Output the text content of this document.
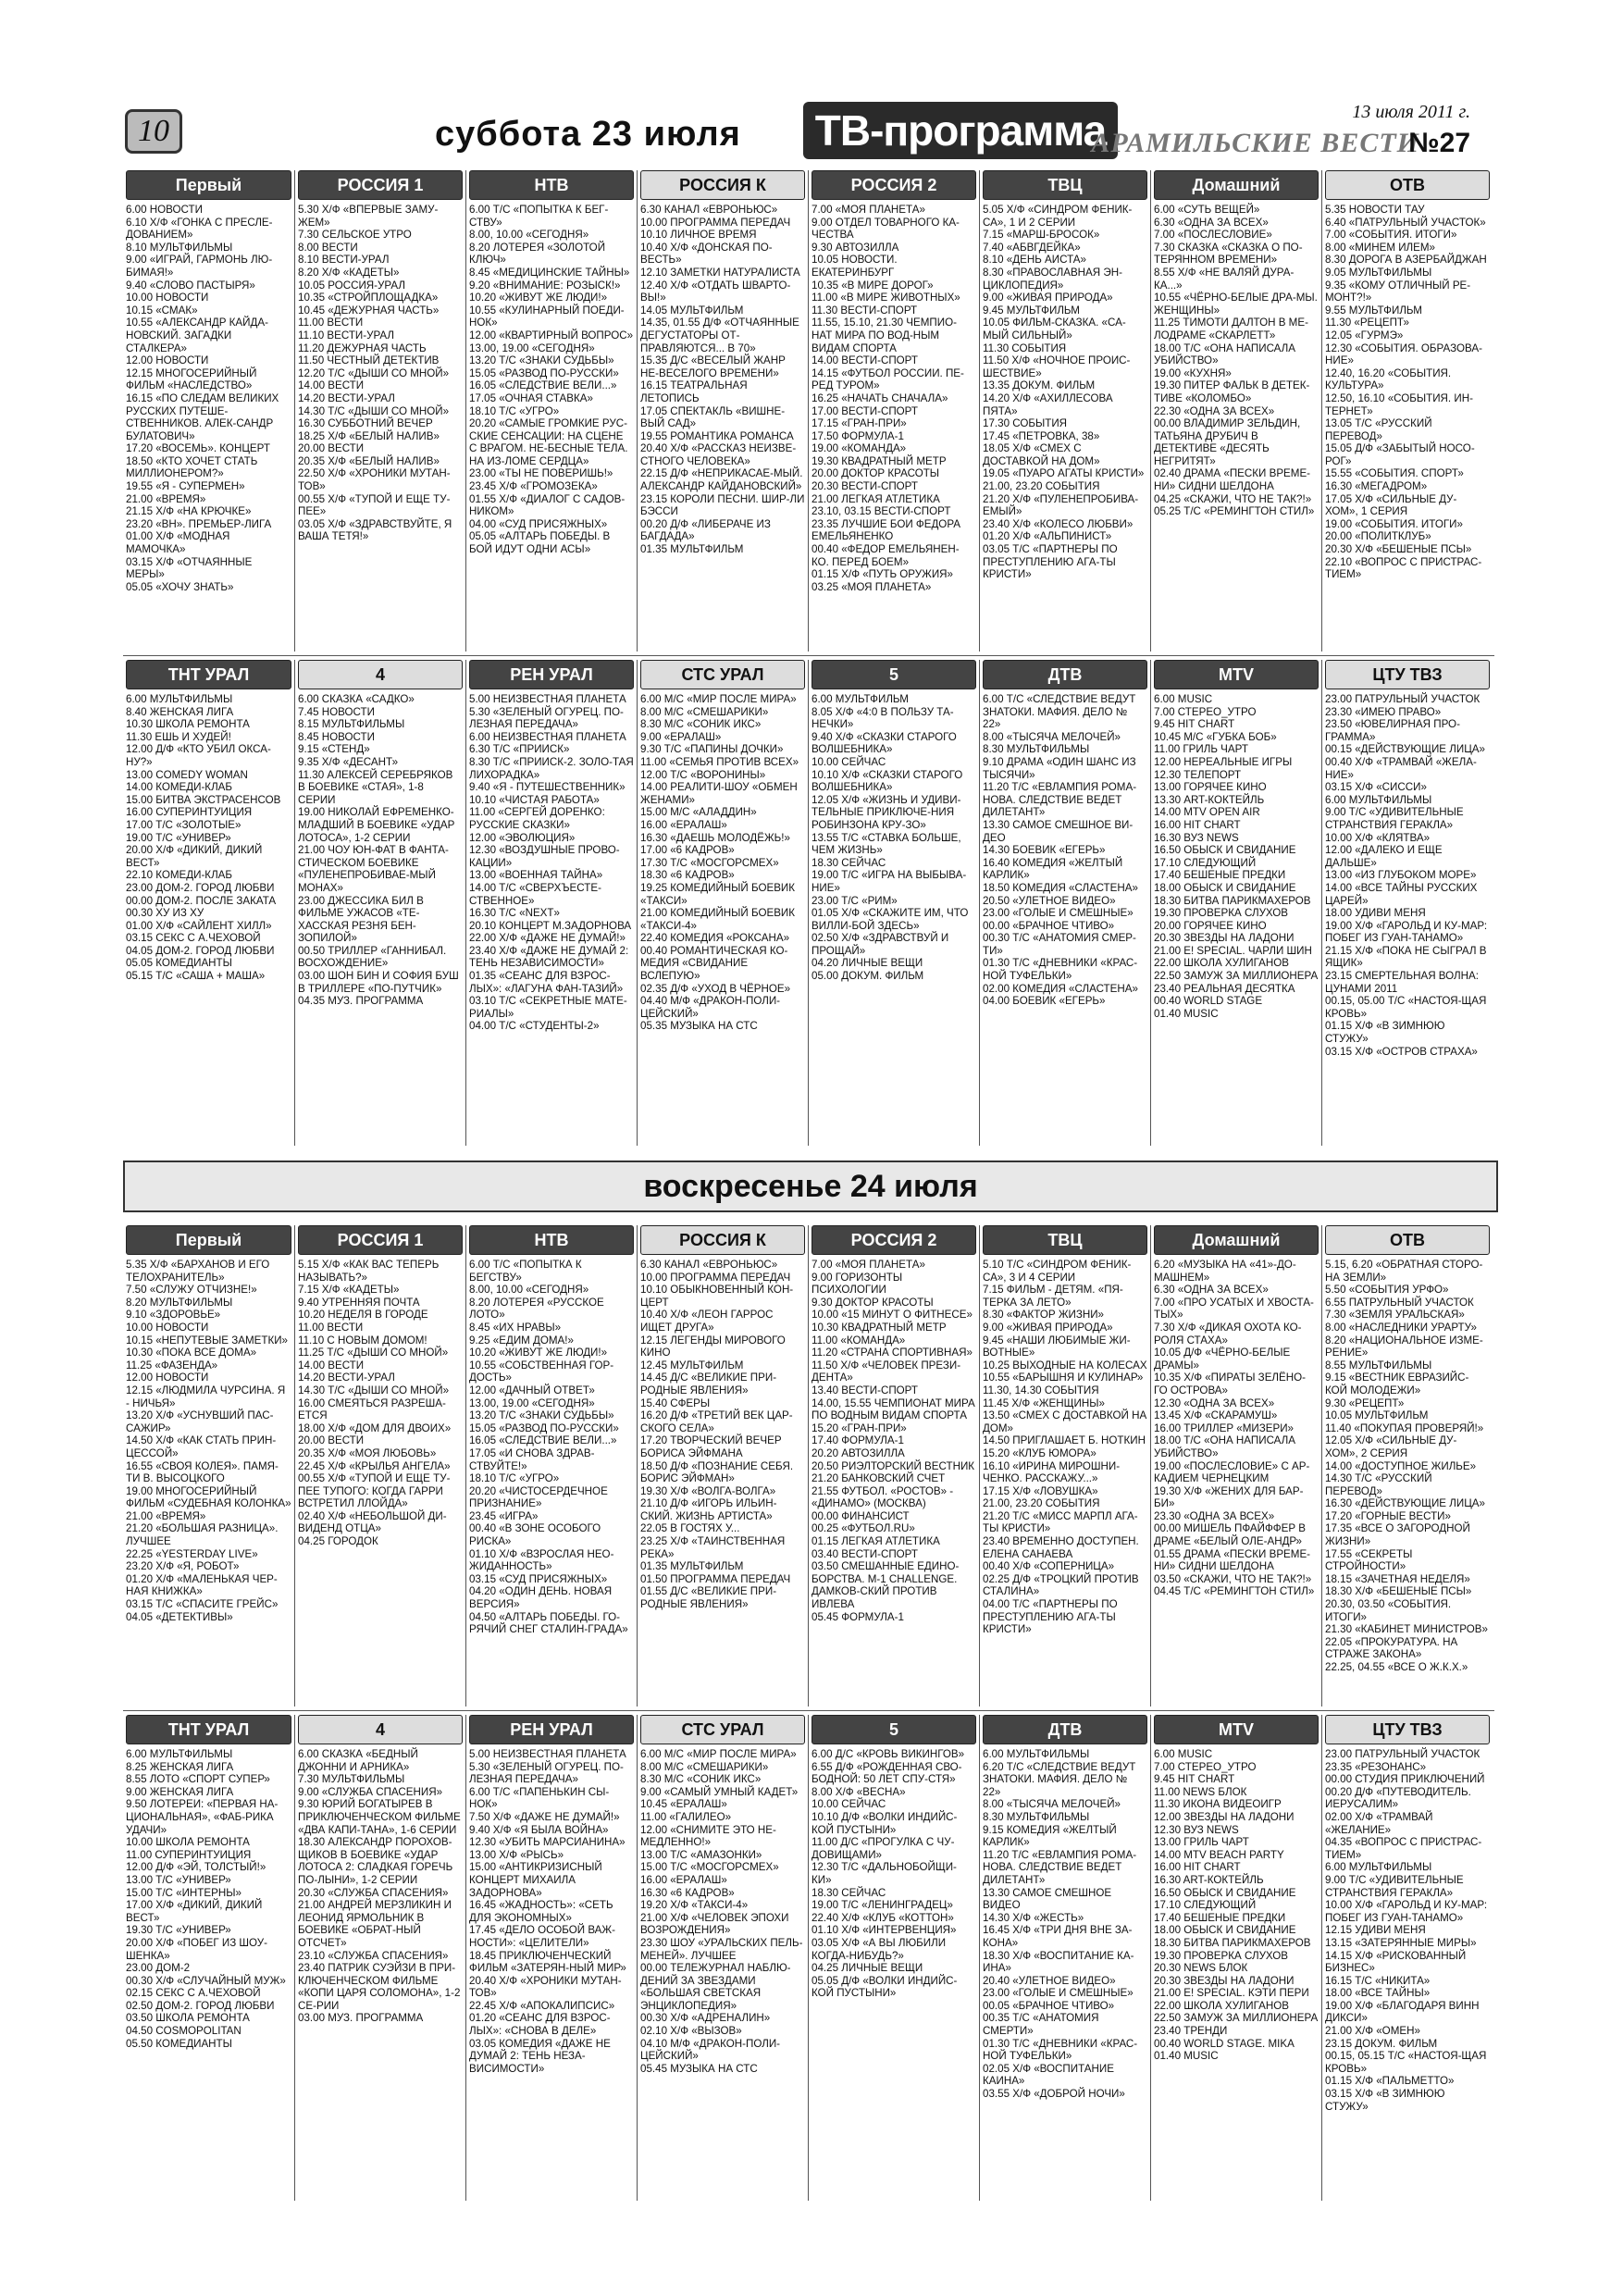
10	суббота 23 июля ТВ-программа	13 июля 2011 г.
АРАМИЛЬСКИЕ ВЕСТИ
№27
Первый

6.00 НОВОСТИ
6.10 Х/Ф «ГОНКА С ПРЕСЛЕ-ДОВАНИЕМ»
8.10 МУЛЬТФИЛЬМЫ
9.00 «ИГРАЙ, ГАРМОНЬ ЛЮ-БИМАЯ!»
9.40 «СЛОВО ПАСТЫРЯ»
10.00 НОВОСТИ
10.15 «СМАК»
10.55 «АЛЕКСАНДР КАЙДА-НОВСКИЙ. ЗАГАДКИ СТАЛКЕРА»
12.00 НОВОСТИ
12.15 МНОГОСЕРИЙНЫЙ ФИЛЬМ «НАСЛЕДСТВО»
16.15 «ПО СЛЕДАМ ВЕЛИКИХ РУССКИХ ПУТЕШЕ-СТВЕННИКОВ. АЛЕК-САНДР БУЛАТОВИЧ»
17.20 «ВОСЕМЬ». КОНЦЕРТ
18.50 «КТО ХОЧЕТ СТАТЬ МИЛЛИОНЕРОМ?»
19.55 «Я - СУПЕРМЕН»
21.00 «ВРЕМЯ»
21.15 Х/Ф «НА КРЮЧКЕ»
23.20 «ВН». ПРЕМЬЕР-ЛИГА
01.00 Х/Ф «МОДНАЯ МАМОЧКА»
03.15 Х/Ф «ОТЧАЯННЫЕ МЕРЫ»
05.05 «ХОЧУ ЗНАТЬ»

РОССИЯ 1

5.30 Х/Ф «ВПЕРВЫЕ ЗАМУ-ЖЕМ»
7.30 СЕЛЬСКОЕ УТРО
8.00 ВЕСТИ
8.10 ВЕСТИ-УРАЛ
8.20 Х/Ф «КАДЕТЫ»
10.05 РОССИЯ-УРАЛ
10.35 «СТРОЙПЛОЩАДКА»
10.45 «ДЕЖУРНАЯ ЧАСТЬ»
11.00 ВЕСТИ
11.10 ВЕСТИ-УРАЛ
11.20 ДЕЖУРНАЯ ЧАСТЬ
11.50 ЧЕСТНЫЙ ДЕТЕКТИВ
12.20 Т/С «ДЫШИ СО МНОЙ»
14.00 ВЕСТИ
14.20 ВЕСТИ-УРАЛ
14.30 Т/С «ДЫШИ СО МНОЙ»
16.30 СУББОТНИЙ ВЕЧЕР
18.25 Х/Ф «БЕЛЫЙ НАЛИВ»
20.00 ВЕСТИ
20.35 Х/Ф «БЕЛЫЙ НАЛИВ»
22.50 Х/Ф «ХРОНИКИ МУТАН-ТОВ»
00.55 Х/Ф «ТУПОЙ И ЕЩЕ ТУ-ПЕЕ»
03.05 Х/Ф «ЗДРАВСТВУЙТЕ, Я ВАША ТЕТЯ!»

НТВ

6.00 Т/С «ПОПЫТКА К БЕГ-СТВУ»
8.00, 10.00 «СЕГОДНЯ»
8.20 ЛОТЕРЕЯ «ЗОЛОТОЙ КЛЮЧ»
8.45 «МЕДИЦИНСКИЕ ТАЙНЫ»
9.20 «ВНИМАНИЕ: РОЗЫСК!»
10.20 «ЖИВУТ ЖЕ ЛЮДИ!»
10.55 «КУЛИНАРНЫЙ ПОЕДИ-НОК»
12.00 «КВАРТИРНЫЙ ВОПРОС»
13.00, 19.00 «СЕГОДНЯ»
13.20 Т/С «ЗНАКИ СУДЬБЫ»
15.05 «РАЗВОД ПО-РУССКИ»
16.05 «СЛЕДСТВИЕ ВЕЛИ...»
17.05 «ОЧНАЯ СТАВКА»
18.10 Т/С «УГРО»
20.20 «САМЫЕ ГРОМКИЕ РУС-СКИЕ СЕНСАЦИИ: НА СЦЕНЕ С ВРАГОМ. НЕ-БЕСНЫЕ ТЕЛА. НА ИЗ-ЛОМЕ СЕРДЦА»
23.00 «ТЫ НЕ ПОВЕРИШЬ!»
23.45 Х/Ф «ГРОМОЗЕКА»
01.55 Х/Ф «ДИАЛОГ С САДОВ-НИКОМ»
04.00 «СУД ПРИСЯЖНЫХ»
05.05 «АЛТАРЬ ПОБЕДЫ. В БОЙ ИДУТ ОДНИ АСЫ»

РОССИЯ К

6.30 КАНАЛ «ЕВРОНЬЮС»
10.00 ПРОГРАММА ПЕРЕДАЧ
10.10 ЛИЧНОЕ ВРЕМЯ
10.40 Х/Ф «ДОНСКАЯ ПО-ВЕСТЬ»
12.10 ЗАМЕТКИ НАТУРАЛИСТА
12.40 Х/Ф «ОТДАТЬ ШВАРТО-ВЫ!»
14.05 МУЛЬТФИЛЬМ
14.35, 01.55 Д/Ф «ОТЧАЯННЫЕ ДЕГУСТАТОРЫ ОТ-ПРАВЛЯЮТСЯ... В 70»
15.35 Д/С «ВЕСЕЛЫЙ ЖАНР НЕ-ВЕСЕЛОГО ВРЕМЕНИ»
16.15 ТЕАТРАЛЬНАЯ ЛЕТОПИСЬ
17.05 СПЕКТАКЛЬ «ВИШНЕ-ВЫЙ САД»
19.55 РОМАНТИКА РОМАНСА
20.40 Х/Ф «РАССКАЗ НЕИЗВЕ-СТНОГО ЧЕЛОВЕКА»
22.15 Д/Ф «НЕПРИКАСАЕ-МЫЙ. АЛЕКСАНДР КАЙДАНОВСКИЙ»
23.15 КОРОЛИ ПЕСНИ. ШИР-ЛИ БЭССИ
00.20 Д/Ф «ЛИБЕРАЧЕ ИЗ БАГДАДА»
01.35 МУЛЬТФИЛЬМ

РОССИЯ 2

7.00 «МОЯ ПЛАНЕТА»
9.00 ОТДЕЛ ТОВАРНОГО КА-ЧЕСТВА
9.30 АВТОЗИЛЛА
10.05 НОВОСТИ. ЕКАТЕРИНБУРГ
10.35 «В МИРЕ ДОРОГ»
11.00 «В МИРЕ ЖИВОТНЫХ»
11.30 ВЕСТИ-СПОРТ
11.55, 15.10, 21.30 ЧЕМПИО-НАТ МИРА ПО ВОД-НЫМ ВИДАМ СПОРТА
14.00 ВЕСТИ-СПОРТ
14.15 «ФУТБОЛ РОССИИ. ПЕ-РЕД ТУРОМ»
16.25 «НАЧАТЬ СНАЧАЛА»
17.00 ВЕСТИ-СПОРТ
17.15 «ГРАН-ПРИ»
17.50 ФОРМУЛА-1
19.00 «КОМАНДА»
19.30 КВАДРАТНЫЙ МЕТР
20.00 ДОКТОР КРАСОТЫ
20.30 ВЕСТИ-СПОРТ
21.00 ЛЕГКАЯ АТЛЕТИКА
23.10, 03.15 ВЕСТИ-СПОРТ
23.35 ЛУЧШИЕ БОИ ФЕДОРА ЕМЕЛЬЯНЕНКО
00.40 «ФЕДОР ЕМЕЛЬЯНЕН-КО. ПЕРЕД БОЕМ»
01.15 Х/Ф «ПУТЬ ОРУЖИЯ»
03.25 «МОЯ ПЛАНЕТА»

ТВЦ

5.05 Х/Ф «СИНДРОМ ФЕНИК-СА», 1 И 2 СЕРИИ
7.15 «МАРШ-БРОСОК»
7.40 «АБВГДЕЙКА»
8.10 «ДЕНЬ АИСТА»
8.30 «ПРАВОСЛАВНАЯ ЭН-ЦИКЛОПЕДИЯ»
9.00 «ЖИВАЯ ПРИРОДА»
9.45 МУЛЬТФИЛЬМ
10.05 ФИЛЬМ-СКАЗКА. «СА-МЫЙ СИЛЬНЫЙ»
11.30 СОБЫТИЯ
11.50 Х/Ф «НОЧНОЕ ПРОИС-ШЕСТВИЕ»
13.35 ДОКУМ. ФИЛЬМ
14.20 Х/Ф «АХИЛЛЕСОВА ПЯТА»
17.30 СОБЫТИЯ
17.45 «ПЕТРОВКА, 38»
18.05 Х/Ф «СМЕХ С ДОСТАВКОЙ НА ДОМ»
19.05 «ПУАРО АГАТЫ КРИСТИ»
21.00, 23.20 СОБЫТИЯ
21.20 Х/Ф «ПУЛЕНЕПРОБИВА-ЕМЫЙ»
23.40 Х/Ф «КОЛЕСО ЛЮБВИ»
01.20 Х/Ф «АЛЬПИНИСТ»
03.05 Т/С «ПАРТНЕРЫ ПО ПРЕСТУПЛЕНИЮ АГА-ТЫ КРИСТИ»

Домашний

6.00 «СУТЬ ВЕЩЕЙ»
6.30 «ОДНА ЗА ВСЕХ»
7.00 «ПОСЛЕСЛОВИЕ»
7.30 СКАЗКА «СКАЗКА О ПО-ТЕРЯННОМ ВРЕМЕНИ»
8.55 Х/Ф «НЕ ВАЛЯЙ ДУРА-КА...»
10.55 «ЧЁРНО-БЕЛЫЕ ДРА-МЫ. ЖЕНЩИНЫ»
11.25 ТИМОТИ ДАЛТОН В МЕ-ЛОДРАМЕ «СКАРЛЕТТ»
18.00 Т/С «ОНА НАПИСАЛА УБИЙСТВО»
19.00 «КУХНЯ»
19.30 ПИТЕР ФАЛЬК В ДЕТЕК-ТИВЕ «КОЛОМБО»
22.30 «ОДНА ЗА ВСЕХ»
00.00 ВЛАДИМИР ЗЕЛЬДИН, ТАТЬЯНА ДРУБИЧ В ДЕТЕКТИВЕ «ДЕСЯТЬ НЕГРИТЯТ»
02.40 ДРАМА «ПЕСКИ ВРЕМЕ-НИ» СИДНИ ШЕЛДОНА
04.25 «СКАЖИ, ЧТО НЕ ТАК?!»
05.25 Т/С «РЕМИНГТОН СТИЛ»

ОТВ

5.35 НОВОСТИ ТАУ
6.40 «ПАТРУЛЬНЫЙ УЧАСТОК»
7.00 «СОБЫТИЯ. ИТОГИ»
8.00 «МИНЕМ ИЛЕМ»
8.30 ДОРОГА В АЗЕРБАЙДЖАН
9.05 МУЛЬТФИЛЬМЫ
9.35 «КОМУ ОТЛИЧНЫЙ РЕ-МОНТ?!»
9.55 МУЛЬТФИЛЬМ
11.30 «РЕЦЕПТ»
12.05 «ГУРМЭ»
12.30 «СОБЫТИЯ. ОБРАЗОВА-НИЕ»
12.40, 16.20 «СОБЫТИЯ. КУЛЬТУРА»
12.50, 16.10 «СОБЫТИЯ. ИН-ТЕРНЕТ»
13.05 Т/С «РУССКИЙ ПЕРЕВОД»
15.05 Д/Ф «ЗАБЫТЫЙ НОСО-РОГ»
15.55 «СОБЫТИЯ. СПОРТ»
16.30 «МЕГАДРОМ»
17.05 Х/Ф «СИЛЬНЫЕ ДУ-ХОМ», 1 СЕРИЯ
19.00 «СОБЫТИЯ. ИТОГИ»
20.00 «ПОЛИТКЛУБ»
20.30 Х/Ф «БЕШЕНЫЕ ПСЫ»
22.10 «ВОПРОС С ПРИСТРАС-ТИЕМ»

ТНТ УРАЛ

6.00 МУЛЬТФИЛЬМЫ
8.40 ЖЕНСКАЯ ЛИГА
10.30 ШКОЛА РЕМОНТА
11.30 ЕШЬ И ХУДЕЙ!
12.00 Д/Ф «КТО УБИЛ ОКСА-НУ?»
13.00 COMEDY WOMAN
14.00 КОМЕДИ-КЛАБ
15.00 БИТВА ЭКСТРАСЕНСОВ
16.00 СУПЕРИНТУИЦИЯ
17.00 Т/С «ЗОЛОТЫЕ»
19.00 Т/С «УНИВЕР»
20.00 Х/Ф «ДИКИЙ, ДИКИЙ ВЕСТ»
22.10 КОМЕДИ-КЛАБ
23.00 ДОМ-2. ГОРОД ЛЮБВИ
00.00 ДОМ-2. ПОСЛЕ ЗАКАТА
00.30 ХУ ИЗ ХУ
01.00 Х/Ф «САЙЛЕНТ ХИЛЛ»
03.15 СЕКС С А.ЧЕХОВОЙ
04.05 ДОМ-2. ГОРОД ЛЮБВИ
05.05 КОМЕДИАНТЫ
05.15 Т/С «САША + МАША»

4

6.00 СКАЗКА «САДКО»
7.45 НОВОСТИ
8.15 МУЛЬТФИЛЬМЫ
8.45 НОВОСТИ
9.15 «СТЕНД»
9.35 Х/Ф «ДЕСАНТ»
11.30 АЛЕКСЕЙ СЕРЕБРЯКОВ В БОЕВИКЕ «СТАЯ», 1-8 СЕРИИ
19.00 НИКОЛАЙ ЕФРЕМЕНКО-МЛАДШИЙ В БОЕВИКЕ «УДАР ЛОТОСА», 1-2 СЕРИИ
21.00 ЧОУ ЮН-ФАТ В ФАНТА-СТИЧЕСКОМ БОЕВИКЕ «ПУЛЕНЕПРОБИВАЕ-МЫЙ МОНАХ»
23.00 ДЖЕССИКА БИЛ В ФИЛЬМЕ УЖАСОВ «ТЕ-ХАССКАЯ РЕЗНЯ БЕН-ЗОПИЛОЙ»
00.50 ТРИЛЛЕР «ГАННИБАЛ. ВОСХОЖДЕНИЕ»
03.00 ШОН БИН И СОФИЯ БУШ В ТРИЛЛЕРЕ «ПО-ПУТЧИК»
04.35 МУЗ. ПРОГРАММА

РЕН УРАЛ

5.00 НЕИЗВЕСТНАЯ ПЛАНЕТА
5.30 «ЗЕЛЕНЫЙ ОГУРЕЦ. ПО-ЛЕЗНАЯ ПЕРЕДАЧА»
6.00 НЕИЗВЕСТНАЯ ПЛАНЕТА
6.30 Т/С «ПРИИСК»
8.30 Т/С «ПРИИСК-2. ЗОЛО-ТАЯ ЛИХОРАДКА»
9.40 «Я - ПУТЕШЕСТВЕННИК»
10.10 «ЧИСТАЯ РАБОТА»
11.00 «СЕРГЕЙ ДОРЕНКО: РУССКИЕ СКАЗКИ»
12.00 «ЭВОЛЮЦИЯ»
12.30 «ВОЗДУШНЫЕ ПРОВО-КАЦИИ»
13.00 «ВОЕННАЯ ТАЙНА»
14.00 Т/С «СВЕРХЪЕСТЕ-СТВЕННОЕ»
16.30 Т/С «NEXT»
20.10 КОНЦЕРТ М.ЗАДОРНОВА
22.00 Х/Ф «ДАЖЕ НЕ ДУМАЙ!»
23.40 Х/Ф «ДАЖЕ НЕ ДУМАЙ 2: ТЕНЬ НЕЗАВИСИМОСТИ»
01.35 «СЕАНС ДЛЯ ВЗРОС-ЛЫХ»: «ЛАГУНА ФАН-ТАЗИЙ»
03.10 Т/С «СЕКРЕТНЫЕ МАТЕ-РИАЛЫ»
04.00 Т/С «СТУДЕНТЫ-2»

СТС УРАЛ

6.00 М/С «МИР ПОСЛЕ МИРА»
8.00 М/С «СМЕШАРИКИ»
8.30 М/С «СОНИК ИКС»
9.00 «ЕРАЛАШ»
9.30 Т/С «ПАПИНЫ ДОЧКИ»
11.00 «СЕМЬЯ ПРОТИВ ВСЕХ»
12.00 Т/С «ВОРОНИНЫ»
14.00 РЕАЛИТИ-ШОУ «ОБМЕН ЖЕНАМИ»
15.00 М/С «АЛАДДИН»
16.00 «ЕРАЛАШ»
16.30 «ДАЕШЬ МОЛОДЁЖЬ!»
17.00 «6 КАДРОВ»
17.30 Т/С «МОСГОРСМЕХ»
18.30 «6 КАДРОВ»
19.25 КОМЕДИЙНЫЙ БОЕВИК «ТАКСИ»
21.00 КОМЕДИЙНЫЙ БОЕВИК «ТАКСИ-4»
22.40 КОМЕДИЯ «РОКСАНА»
00.40 РОМАНТИЧЕСКАЯ КО-МЕДИЯ «СВИДАНИЕ ВСЛЕПУЮ»
02.35 Д/Ф «УХОД В ЧЁРНОЕ»
04.40 М/Ф «ДРАКОН-ПОЛИ-ЦЕЙСКИЙ»
05.35 МУЗЫКА НА СТС

5

6.00 МУЛЬТФИЛЬМ
8.05 Х/Ф «4:0 В ПОЛЬЗУ ТА-НЕЧКИ»
9.40 Х/Ф «СКАЗКИ СТАРОГО ВОЛШЕБНИКА»
10.00 СЕЙЧАС
10.10 Х/Ф «СКАЗКИ СТАРОГО ВОЛШЕБНИКА»
12.05 Х/Ф «ЖИЗНЬ И УДИВИ-ТЕЛЬНЫЕ ПРИКЛЮЧЕ-НИЯ РОБИНЗОНА КРУ-ЗО»
13.55 Т/С «СТАВКА БОЛЬШЕ, ЧЕМ ЖИЗНЬ»
18.30 СЕЙЧАС
19.00 Т/С «ИГРА НА ВЫБЫВА-НИЕ»
23.00 Т/С «РИМ»
01.05 Х/Ф «СКАЖИТЕ ИМ, ЧТО ВИЛЛИ-БОЙ ЗДЕСЬ»
02.50 Х/Ф «ЗДРАВСТВУЙ И ПРОЩАЙ»
04.20 ЛИЧНЫЕ ВЕЩИ
05.00 ДОКУМ. ФИЛЬМ

ДТВ

6.00 Т/С «СЛЕДСТВИЕ ВЕДУТ ЗНАТОКИ. МАФИЯ. ДЕЛО № 22»
8.00 «ТЫСЯЧА МЕЛОЧЕЙ»
8.30 МУЛЬТФИЛЬМЫ
9.10 ДРАМА «ОДИН ШАНС ИЗ ТЫСЯЧИ»
11.20 Т/С «ЕВЛАМПИЯ РОМА-НОВА. СЛЕДСТВИЕ ВЕДЕТ ДИЛЕТАНТ»
13.30 САМОЕ СМЕШНОЕ ВИ-ДЕО
14.30 БОЕВИК «ЕГЕРЬ»
16.40 КОМЕДИЯ «ЖЕЛТЫЙ КАРЛИК»
18.50 КОМЕДИЯ «СЛАСТЕНА»
20.50 «УЛЕТНОЕ ВИДЕО»
23.00 «ГОЛЫЕ И СМЕШНЫЕ»
00.00 «БРАЧНОЕ ЧТИВО»
00.30 Т/С «АНАТОМИЯ СМЕР-ТИ»
01.30 Т/С «ДНЕВНИКИ «КРАС-НОЙ ТУФЕЛЬКИ»
02.00 КОМЕДИЯ «СЛАСТЕНА»
04.00 БОЕВИК «ЕГЕРЬ»

MTV

6.00 MUSIC
7.00 СТЕРЕО_УТРО
9.45 HIT CHART
10.45 М/С «ГУБКА БОБ»
11.00 ГРИЛЬ ЧАРТ
12.00 НЕРЕАЛЬНЫЕ ИГРЫ
12.30 ТЕЛЕПОРТ
13.00 ГОРЯЧЕЕ КИНО
13.30 ART-КОКТЕЙЛЬ
14.00 MTV OPEN AIR
16.00 HIT CHART
16.30 ВУЗ NEWS
16.50 ОБЫСК И СВИДАНИЕ
17.10 СЛЕДУЮЩИЙ
17.40 БЕШЕНЫЕ ПРЕДКИ
18.00 ОБЫСК И СВИДАНИЕ
18.30 БИТВА ПАРИКМАХЕРОВ
19.30 ПРОВЕРКА СЛУХОВ
20.00 ГОРЯЧЕЕ КИНО
20.30 ЗВЕЗДЫ НА ЛАДОНИ
21.00 E! SPECIAL. ЧАРЛИ ШИН
22.00 ШКОЛА ХУЛИГАНОВ
22.50 ЗАМУЖ ЗА МИЛЛИОНЕРА
23.40 РЕАЛЬНАЯ ДЕСЯТКА
00.40 WORLD STAGE
01.40 MUSIC

ЦТУ ТВЗ

23.00 ПАТРУЛЬНЫЙ УЧАСТОК
23.30 «ИМЕЮ ПРАВО»
23.50 «ЮВЕЛИРНАЯ ПРО-ГРАММА»
00.15 «ДЕЙСТВУЮЩИЕ ЛИЦА»
00.40 Х/Ф «ТРАМВАЙ «ЖЕЛА-НИЕ»
03.15 Х/Ф «СИССИ»
6.00 МУЛЬТФИЛЬМЫ
9.00 Т/С «УДИВИТЕЛЬНЫЕ СТРАНСТВИЯ ГЕРАКЛА»
10.00 Х/Ф «КЛЯТВА»
12.00 «ДАЛЕКО И ЕЩЕ ДАЛЬШЕ»
13.00 «ИЗ ГЛУБОКОМ МОРЕ»
14.00 «ВСЕ ТАЙНЫ РУССКИХ ЦАРЕЙ»
18.00 УДИВИ МЕНЯ
19.00 Х/Ф «ГАРОЛЬД И КУ-МАР: ПОБЕГ ИЗ ГУАН-ТАНАМО»
21.15 Х/Ф «ПОКА НЕ СЫГРАЛ В ЯЩИК»
23.15 СМЕРТЕЛЬНАЯ ВОЛНА: ЦУНАМИ 2011
00.15, 05.00 Т/С «НАСТОЯ-ЩАЯ КРОВЬ»
01.15 Х/Ф «В ЗИМНЮЮ СТУЖУ»
03.15 Х/Ф «ОСТРОВ СТРАХА»

воскресенье 24 июля
Первый

5.35 Х/Ф «БАРХАНОВ И ЕГО ТЕЛОХРАНИТЕЛЬ»
7.50 «СЛУЖУ ОТЧИЗНЕ!»
8.20 МУЛЬТФИЛЬМЫ
9.10 «ЗДОРОВЬЕ»
10.00 НОВОСТИ
10.15 «НЕПУТЕВЫЕ ЗАМЕТКИ»
10.30 «ПОКА ВСЕ ДОМА»
11.25 «ФАЗЕНДА»
12.00 НОВОСТИ
12.15 «ЛЮДМИЛА ЧУРСИНА. Я - НИЧЬЯ»
13.20 Х/Ф «УСНУВШИЙ ПАС-САЖИР»
14.50 Х/Ф «КАК СТАТЬ ПРИН-ЦЕССОЙ»
16.55 «СВОЯ КОЛЕЯ». ПАМЯ-ТИ В. ВЫСОЦКОГО
19.00 МНОГОСЕРИЙНЫЙ ФИЛЬМ «СУДЕБНАЯ КОЛОНКА»
21.00 «ВРЕМЯ»
21.20 «БОЛЬШАЯ РАЗНИЦА». ЛУЧШЕЕ
22.25 «YESTERDAY LIVE»
23.20 Х/Ф «Я, РОБОТ»
01.20 Х/Ф «МАЛЕНЬКАЯ ЧЕР-НАЯ КНИЖКА»
03.15 Т/С «СПАСИТЕ ГРЕЙС»
04.05 «ДЕТЕКТИВЫ»

РОССИЯ 1

5.15 Х/Ф «КАК ВАС ТЕПЕРЬ НАЗЫВАТЬ?»
7.15 Х/Ф «КАДЕТЫ»
9.40 УТРЕННЯЯ ПОЧТА
10.20 НЕДЕЛЯ В ГОРОДЕ
11.00 ВЕСТИ
11.10 С НОВЫМ ДОМОМ!
11.25 Т/С «ДЫШИ СО МНОЙ»
14.00 ВЕСТИ
14.20 ВЕСТИ-УРАЛ
14.30 Т/С «ДЫШИ СО МНОЙ»
16.00 СМЕЯТЬСЯ РАЗРЕША-ЕТСЯ
18.00 Х/Ф «ДОМ ДЛЯ ДВОИХ»
20.00 ВЕСТИ
20.35 Х/Ф «МОЯ ЛЮБОВЬ»
22.45 Х/Ф «КРЫЛЬЯ АНГЕЛА»
00.55 Х/Ф «ТУПОЙ И ЕЩЕ ТУ-ПЕЕ ТУПОГО: КОГДА ГАРРИ ВСТРЕТИЛ ЛЛОЙДА»
02.40 Х/Ф «НЕБОЛЬШОЙ ДИ-ВИДЕНД ОТЦА»
04.25 ГОРОДОК

НТВ

6.00 Т/С «ПОПЫТКА К БЕГСТВУ»
8.00, 10.00 «СЕГОДНЯ»
8.20 ЛОТЕРЕЯ «РУССКОЕ ЛОТО»
8.45 «ИХ НРАВЫ»
9.25 «ЕДИМ ДОМА!»
10.20 «ЖИВУТ ЖЕ ЛЮДИ!»
10.55 «СОБСТВЕННАЯ ГОР-ДОСТЬ»
12.00 «ДАЧНЫЙ ОТВЕТ»
13.00, 19.00 «СЕГОДНЯ»
13.20 Т/С «ЗНАКИ СУДЬБЫ»
15.05 «РАЗВОД ПО-РУССКИ»
16.05 «СЛЕДСТВИЕ ВЕЛИ...»
17.05 «И СНОВА ЗДРАВ-СТВУЙТЕ!»
18.10 Т/С «УГРО»
20.20 «ЧИСТОСЕРДЕЧНОЕ ПРИЗНАНИЕ»
23.45 «ИГРА»
00.40 «В ЗОНЕ ОСОБОГО РИСКА»
01.10 Х/Ф «ВЗРОСЛАЯ НЕО-ЖИДАННОСТЬ»
03.15 «СУД ПРИСЯЖНЫХ»
04.20 «ОДИН ДЕНЬ. НОВАЯ ВЕРСИЯ»
04.50 «АЛТАРЬ ПОБЕДЫ. ГО-РЯЧИЙ СНЕГ СТАЛИН-ГРАДА»

РОССИЯ К

6.30 КАНАЛ «ЕВРОНЬЮС»
10.00 ПРОГРАММА ПЕРЕДАЧ
10.10 ОБЫКНОВЕННЫЙ КОН-ЦЕРТ
10.40 Х/Ф «ЛЕОН ГАРРОС ИЩЕТ ДРУГА»
12.15 ЛЕГЕНДЫ МИРОВОГО КИНО
12.45 МУЛЬТФИЛЬМ
14.45 Д/С «ВЕЛИКИЕ ПРИ-РОДНЫЕ ЯВЛЕНИЯ»
15.40 СФЕРЫ
16.20 Д/Ф «ТРЕТИЙ ВЕК ЦАР-СКОГО СЕЛА»
17.20 ТВОРЧЕСКИЙ ВЕЧЕР БОРИСА ЭЙФМАНА
18.50 Д/Ф «ПОЗНАНИЕ СЕБЯ. БОРИС ЭЙФМАН»
19.30 Х/Ф «ВОЛГА-ВОЛГА»
21.10 Д/Ф «ИГОРЬ ИЛЬИН-СКИЙ. ЖИЗНЬ АРТИСТА»
22.05 В ГОСТЯХ У...
23.25 Х/Ф «ТАИНСТВЕННАЯ РЕКА»
01.35 МУЛЬТФИЛЬМ
01.50 ПРОГРАММА ПЕРЕДАЧ
01.55 Д/С «ВЕЛИКИЕ ПРИ-РОДНЫЕ ЯВЛЕНИЯ»

РОССИЯ 2

7.00 «МОЯ ПЛАНЕТА»
9.00 ГОРИЗОНТЫ ПСИХОЛОГИИ
9.30 ДОКТОР КРАСОТЫ
10.00 «15 МИНУТ О ФИТНЕСЕ»
10.30 КВАДРАТНЫЙ МЕТР
11.00 «КОМАНДА»
11.20 «СТРАНА СПОРТИВНАЯ»
11.50 Х/Ф «ЧЕЛОВЕК ПРЕЗИ-ДЕНТА»
13.40 ВЕСТИ-СПОРТ
14.00, 15.55 ЧЕМПИОНАТ МИРА ПО ВОДНЫМ ВИДАМ СПОРТА
15.20 «ГРАН-ПРИ»
17.40 ФОРМУЛА-1
20.20 АВТОЗИЛЛА
20.50 РИЭЛТОРСКИЙ ВЕСТНИК
21.20 БАНКОВСКИЙ СЧЕТ
21.55 ФУТБОЛ. «РОСТОВ» - «ДИНАМО» (МОСКВА)
00.00 ФИНАНСИСТ
00.25 «ФУТБОЛ.RU»
01.15 ЛЕГКАЯ АТЛЕТИКА
03.40 ВЕСТИ-СПОРТ
03.50 СМЕШАННЫЕ ЕДИНО-БОРСТВА. М-1 CHALLENGE. ДАМКОВ-СКИЙ ПРОТИВ ИВЛЕВА
05.45 ФОРМУЛА-1

ТВЦ

5.10 Т/С «СИНДРОМ ФЕНИК-СА», 3 И 4 СЕРИИ
7.15 ФИЛЬМ - ДЕТЯМ. «ПЯ-ТЕРКА ЗА ЛЕТО»
8.30 «ФАКТОР ЖИЗНИ»
9.00 «ЖИВАЯ ПРИРОДА»
9.45 «НАШИ ЛЮБИМЫЕ ЖИ-ВОТНЫЕ»
10.25 ВЫХОДНЫЕ НА КОЛЕСАХ
10.55 «БАРЫШНЯ И КУЛИНАР»
11.30, 14.30 СОБЫТИЯ
11.45 Х/Ф «ЖЕНЩИНЫ»
13.50 «СМЕХ С ДОСТАВКОЙ НА ДОМ»
14.50 ПРИГЛАШАЕТ Б. НОТКИН
15.20 «КЛУБ ЮМОРА»
16.10 «ИРИНА МИРОШНИ-ЧЕНКО. РАССКАЖУ...»
17.15 Х/Ф «ЛОВУШКА»
21.00, 23.20 СОБЫТИЯ
21.20 Т/С «МИСС МАРПЛ АГА-ТЫ КРИСТИ»
23.40 ВРЕМЕННО ДОСТУПЕН. ЕЛЕНА САНАЕВА
00.40 Х/Ф «СОПЕРНИЦА»
02.25 Д/Ф «ТРОЦКИЙ ПРОТИВ СТАЛИНА»
04.00 Т/С «ПАРТНЕРЫ ПО ПРЕСТУПЛЕНИЮ АГА-ТЫ КРИСТИ»

Домашний

6.20 «МУЗЫКА НА «41»-ДО-МАШНЕМ»
6.30 «ОДНА ЗА ВСЕХ»
7.00 «ПРО УСАТЫХ И ХВОСТА-ТЫХ»
7.30 Х/Ф «ДИКАЯ ОХОТА КО-РОЛЯ СТАХА»
10.05 Д/Ф «ЧЁРНО-БЕЛЫЕ ДРАМЫ»
10.35 Х/Ф «ПИРАТЫ ЗЕЛЁНО-ГО ОСТРОВА»
12.30 «ОДНА ЗА ВСЕХ»
13.45 Х/Ф «СКАРАМУШ»
16.00 ТРИЛЛЕР «МИЗЕРИ»
18.00 Т/С «ОНА НАПИСАЛА УБИЙСТВО»
19.00 «ПОСЛЕСЛОВИЕ» С АР-КАДИЕМ ЧЕРНЕЦКИМ
19.30 Х/Ф «ЖЕНИХ ДЛЯ БАР-БИ»
23.30 «ОДНА ЗА ВСЕХ»
00.00 МИШЕЛЬ ПФАЙФФЕР В ДРАМЕ «БЕЛЫЙ ОЛЕ-АНДР»
01.55 ДРАМА «ПЕСКИ ВРЕМЕ-НИ» СИДНИ ШЕЛДОНА
03.50 «СКАЖИ, ЧТО НЕ ТАК?!»
04.45 Т/С «РЕМИНГТОН СТИЛ»

ОТВ

5.15, 6.20 «ОБРАТНАЯ СТОРО-НА ЗЕМЛИ»
5.50 «СОБЫТИЯ УРФО»
6.55 ПАТРУЛЬНЫЙ УЧАСТОК
7.30 «ЗЕМЛЯ УРАЛЬСКАЯ»
8.00 «НАСЛЕДНИКИ УРАРТУ»
8.20 «НАЦИОНАЛЬНОЕ ИЗМЕ-РЕНИЕ»
8.55 МУЛЬТФИЛЬМЫ
9.15 «ВЕСТНИК ЕВРАЗИЙС-КОЙ МОЛОДЕЖИ»
9.30 «РЕЦЕПТ»
10.05 МУЛЬТФИЛЬМ
11.40 «ПОКУПАЯ ПРОВЕРЯЙ!»
12.05 Х/Ф «СИЛЬНЫЕ ДУ-ХОМ», 2 СЕРИЯ
14.00 «ДОСТУПНОЕ ЖИЛЬЕ»
14.30 Т/С «РУССКИЙ ПЕРЕВОД»
16.30 «ДЕЙСТВУЮЩИЕ ЛИЦА»
17.20 «ГОРНЫЕ ВЕСТИ»
17.35 «ВСЕ О ЗАГОРОДНОЙ ЖИЗНИ»
17.55 «СЕКРЕТЫ СТРОЙНОСТИ»
18.15 «ЗАЧЕТНАЯ НЕДЕЛЯ»
18.30 Х/Ф «БЕШЕНЫЕ ПСЫ»
20.30, 03.50 «СОБЫТИЯ. ИТОГИ»
21.30 «КАБИНЕТ МИНИСТРОВ»
22.05 «ПРОКУРАТУРА. НА СТРАЖЕ ЗАКОНА»
22.25, 04.55 «ВСЕ О Ж.К.Х.»

ТНТ УРАЛ

6.00 МУЛЬТФИЛЬМЫ
8.25 ЖЕНСКАЯ ЛИГА
8.55 ЛОТО «СПОРТ СУПЕР»
9.00 ЖЕНСКАЯ ЛИГА
9.50 ЛОТЕРЕИ: «ПЕРВАЯ НА-ЦИОНАЛЬНАЯ», «ФАБ-РИКА УДАЧИ»
10.00 ШКОЛА РЕМОНТА
11.00 СУПЕРИНТУИЦИЯ
12.00 Д/Ф «ЭЙ, ТОЛСТЫЙ!»
13.00 Т/С «УНИВЕР»
15.00 Т/С «ИНТЕРНЫ»
17.00 Х/Ф «ДИКИЙ, ДИКИЙ ВЕСТ»
19.30 Т/С «УНИВЕР»
20.00 Х/Ф «ПОБЕГ ИЗ ШОУ-ШЕНКА»
23.00 ДОМ-2
00.30 Х/Ф «СЛУЧАЙНЫЙ МУЖ»
02.15 СЕКС С А.ЧЕХОВОЙ
02.50 ДОМ-2. ГОРОД ЛЮБВИ
03.50 ШКОЛА РЕМОНТА
04.50 COSMOPOLITAN
05.50 КОМЕДИАНТЫ

4

6.00 СКАЗКА «БЕДНЫЙ ДЖОННИ И АРНИКА»
7.30 МУЛЬТФИЛЬМЫ
9.00 «СЛУЖБА СПАСЕНИЯ»
9.30 ЮРИЙ БОГАТЫРЕВ В ПРИКЛЮЧЕНЧЕСКОМ ФИЛЬМЕ «ДВА КАПИ-ТАНА», 1-6 СЕРИИ
18.30 АЛЕКСАНДР ПОРОХОВ-ЩИКОВ В БОЕВИКЕ «УДАР ЛОТОСА 2: СЛАДКАЯ ГОРЕЧЬ ПО-ЛЫНИ», 1-2 СЕРИИ
20.30 «СЛУЖБА СПАСЕНИЯ»
21.00 АНДРЕЙ МЕРЗЛИКИН И ЛЕОНИД ЯРМОЛЬНИК В БОЕВИКЕ «ОБРАТ-НЫЙ ОТСЧЕТ»
23.10 «СЛУЖБА СПАСЕНИЯ»
23.40 ПАТРИК СУЭЙЗИ В ПРИ-КЛЮЧЕНЧЕСКОМ ФИЛЬМЕ «КОПИ ЦАРЯ СОЛОМОНА», 1-2 СЕ-РИИ
03.00 МУЗ. ПРОГРАММА

РЕН УРАЛ

5.00 НЕИЗВЕСТНАЯ ПЛАНЕТА
5.30 «ЗЕЛЕНЫЙ ОГУРЕЦ. ПО-ЛЕЗНАЯ ПЕРЕДАЧА»
6.00 Т/С «ПАПЕНЬКИН СЫ-НОК»
7.50 Х/Ф «ДАЖЕ НЕ ДУМАЙ!»
9.40 Х/Ф «Я БЫЛА ВОЙНА»
12.30 «УБИТЬ МАРСИАНИНА»
13.00 Х/Ф «РЫСЬ»
15.00 «АНТИКРИЗИСНЫЙ КОНЦЕРТ МИХАИЛА ЗАДОРНОВА»
16.45 «ЖАДНОСТЬ»: «СЕТЬ ДЛЯ ЭКОНОМНЫХ»
17.45 «ДЕЛО ОСОБОЙ ВАЖ-НОСТИ»: «ЦЕЛИТЕЛИ»
18.45 ПРИКЛЮЧЕНЧЕСКИЙ ФИЛЬМ «ЗАТЕРЯН-НЫЙ МИР»
20.40 Х/Ф «ХРОНИКИ МУТАН-ТОВ»
22.45 Х/Ф «АПОКАЛИПСИС»
01.20 «СЕАНС ДЛЯ ВЗРОС-ЛЫХ»: «СНОВА В ДЕЛЕ»
03.05 КОМЕДИЯ «ДАЖЕ НЕ ДУМАЙ 2: ТЕНЬ НЕЗА-ВИСИМОСТИ»

СТС УРАЛ

6.00 М/С «МИР ПОСЛЕ МИРА»
8.00 М/С «СМЕШАРИКИ»
8.30 М/С «СОНИК ИКС»
9.00 «САМЫЙ УМНЫЙ КАДЕТ»
10.45 «ЕРАЛАШ»
11.00 «ГАЛИЛЕО»
12.00 «СНИМИТЕ ЭТО НЕ-МЕДЛЕННО!»
13.00 Т/С «АМАЗОНКИ»
15.00 Т/С «МОСГОРСМЕХ»
16.00 «ЕРАЛАШ»
16.30 «6 КАДРОВ»
19.20 Х/Ф «ТАКСИ-4»
21.00 Х/Ф «ЧЕЛОВЕК ЭПОХИ ВОЗРОЖДЕНИЯ»
23.30 ШОУ «УРАЛЬСКИХ ПЕЛЬ-МЕНЕЙ». ЛУЧШЕЕ
00.00 ТЕЛЕЖУРНАЛ НАБЛЮ-ДЕНИЙ ЗА ЗВЕЗДАМИ «БОЛЬШАЯ СВЕТСКАЯ ЭНЦИКЛОПЕДИЯ»
00.30 Х/Ф «АДРЕНАЛИН»
02.10 Х/Ф «ВЫЗОВ»
04.10 М/Ф «ДРАКОН-ПОЛИ-ЦЕЙСКИЙ»
05.45 МУЗЫКА НА СТС

5

6.00 Д/С «КРОВЬ ВИКИНГОВ»
6.55 Д/Ф «РОЖДЕННАЯ СВО-БОДНОЙ: 50 ЛЕТ СПУ-СТЯ»
8.00 Х/Ф «ВЕСНА»
10.00 СЕЙЧАС
10.10 Д/Ф «ВОЛКИ ИНДИЙС-КОЙ ПУСТЫНИ»
11.00 Д/С «ПРОГУЛКА С ЧУ-ДОВИЩАМИ»
12.30 Т/С «ДАЛЬНОБОЙЩИ-КИ»
18.30 СЕЙЧАС
19.00 Т/С «ЛЕНИНГРАДЕЦ»
22.40 Х/Ф «КЛУБ «КОТТОН»
01.10 Х/Ф «ИНТЕРВЕНЦИЯ»
03.05 Х/Ф «А ВЫ ЛЮБИЛИ КОГДА-НИБУДЬ?»
04.25 ЛИЧНЫЕ ВЕЩИ
05.05 Д/Ф «ВОЛКИ ИНДИЙС-КОЙ ПУСТЫНИ»

ДТВ

6.00 МУЛЬТФИЛЬМЫ
6.20 Т/С «СЛЕДСТВИЕ ВЕДУТ ЗНАТОКИ. МАФИЯ. ДЕЛО № 22»
8.00 «ТЫСЯЧА МЕЛОЧЕЙ»
8.30 МУЛЬТФИЛЬМЫ
9.15 КОМЕДИЯ «ЖЕЛТЫЙ КАРЛИК»
11.20 Т/С «ЕВЛАМПИЯ РОМА-НОВА. СЛЕДСТВИЕ ВЕДЕТ ДИЛЕТАНТ»
13.30 САМОЕ СМЕШНОЕ ВИДЕО
14.30 Х/Ф «ЖЕСТЬ»
16.45 Х/Ф «ТРИ ДНЯ ВНЕ ЗА-КОНА»
18.30 Х/Ф «ВОСПИТАНИЕ КА-ИНА»
20.40 «УЛЕТНОЕ ВИДЕО»
23.00 «ГОЛЫЕ И СМЕШНЫЕ»
00.05 «БРАЧНОЕ ЧТИВО»
00.35 Т/С «АНАТОМИЯ СМЕРТИ»
01.30 Т/С «ДНЕВНИКИ «КРАС-НОЙ ТУФЕЛЬКИ»
02.05 Х/Ф «ВОСПИТАНИЕ КАИНА»
03.55 Х/Ф «ДОБРОЙ НОЧИ»

MTV

6.00 MUSIC
7.00 СТЕРЕО_УТРО
9.45 HIT CHART
11.00 NEWS БЛОК
11.30 ИКОНА ВИДЕОИГР
12.00 ЗВЕЗДЫ НА ЛАДОНИ
12.30 ВУЗ NEWS
13.00 ГРИЛЬ ЧАРТ
14.00 MTV BEACH PARTY
16.00 HIT CHART
16.30 ART-КОКТЕЙЛЬ
16.50 ОБЫСК И СВИДАНИЕ
17.10 СЛЕДУЮЩИЙ
17.40 БЕШЕНЫЕ ПРЕДКИ
18.00 ОБЫСК И СВИДАНИЕ
18.30 БИТВА ПАРИКМАХЕРОВ
19.30 ПРОВЕРКА СЛУХОВ
20.30 NEWS БЛОК
20.30 ЗВЕЗДЫ НА ЛАДОНИ
21.00 E! SPECIAL. КЭТИ ПЕРИ
22.00 ШКОЛА ХУЛИГАНОВ
22.50 ЗАМУЖ ЗА МИЛЛИОНЕРА
23.40 ТРЕНДИ
00.40 WORLD STAGE. MIKA
01.40 MUSIC

ЦТУ ТВЗ

23.00 ПАТРУЛЬНЫЙ УЧАСТОК
23.35 «РЕЗОНАНС»
00.00 СТУДИЯ ПРИКЛЮЧЕНИЙ
00.20 Д/Ф «ПУТЕВОДИТЕЛЬ. ИЕРУСАЛИМ»
02.00 Х/Ф «ТРАМВАЙ «ЖЕЛАНИЕ»
04.35 «ВОПРОС С ПРИСТРАС-ТИЕМ»
6.00 МУЛЬТФИЛЬМЫ
9.00 Т/С «УДИВИТЕЛЬНЫЕ СТРАНСТВИЯ ГЕРАКЛА»
10.00 Х/Ф «ГАРОЛЬД И КУ-МАР: ПОБЕГ ИЗ ГУАН-ТАНАМО»
12.15 УДИВИ МЕНЯ
13.15 «ЗАТЕРЯННЫЕ МИРЫ»
14.15 Х/Ф «РИСКОВАННЫЙ БИЗНЕС»
16.15 Т/С «НИКИТА»
18.00 «ВСЕ ТАЙНЫ»
19.00 Х/Ф «БЛАГОДАРЯ ВИНН ДИКСИ»
21.00 Х/Ф «ОМЕН»
23.15 ДОКУМ. ФИЛЬМ
00.15, 05.15 Т/С «НАСТОЯ-ЩАЯ КРОВЬ»
01.15 Х/Ф «ПАЛЬМЕТТО»
03.15 Х/Ф «В ЗИМНЮЮ СТУЖУ»
